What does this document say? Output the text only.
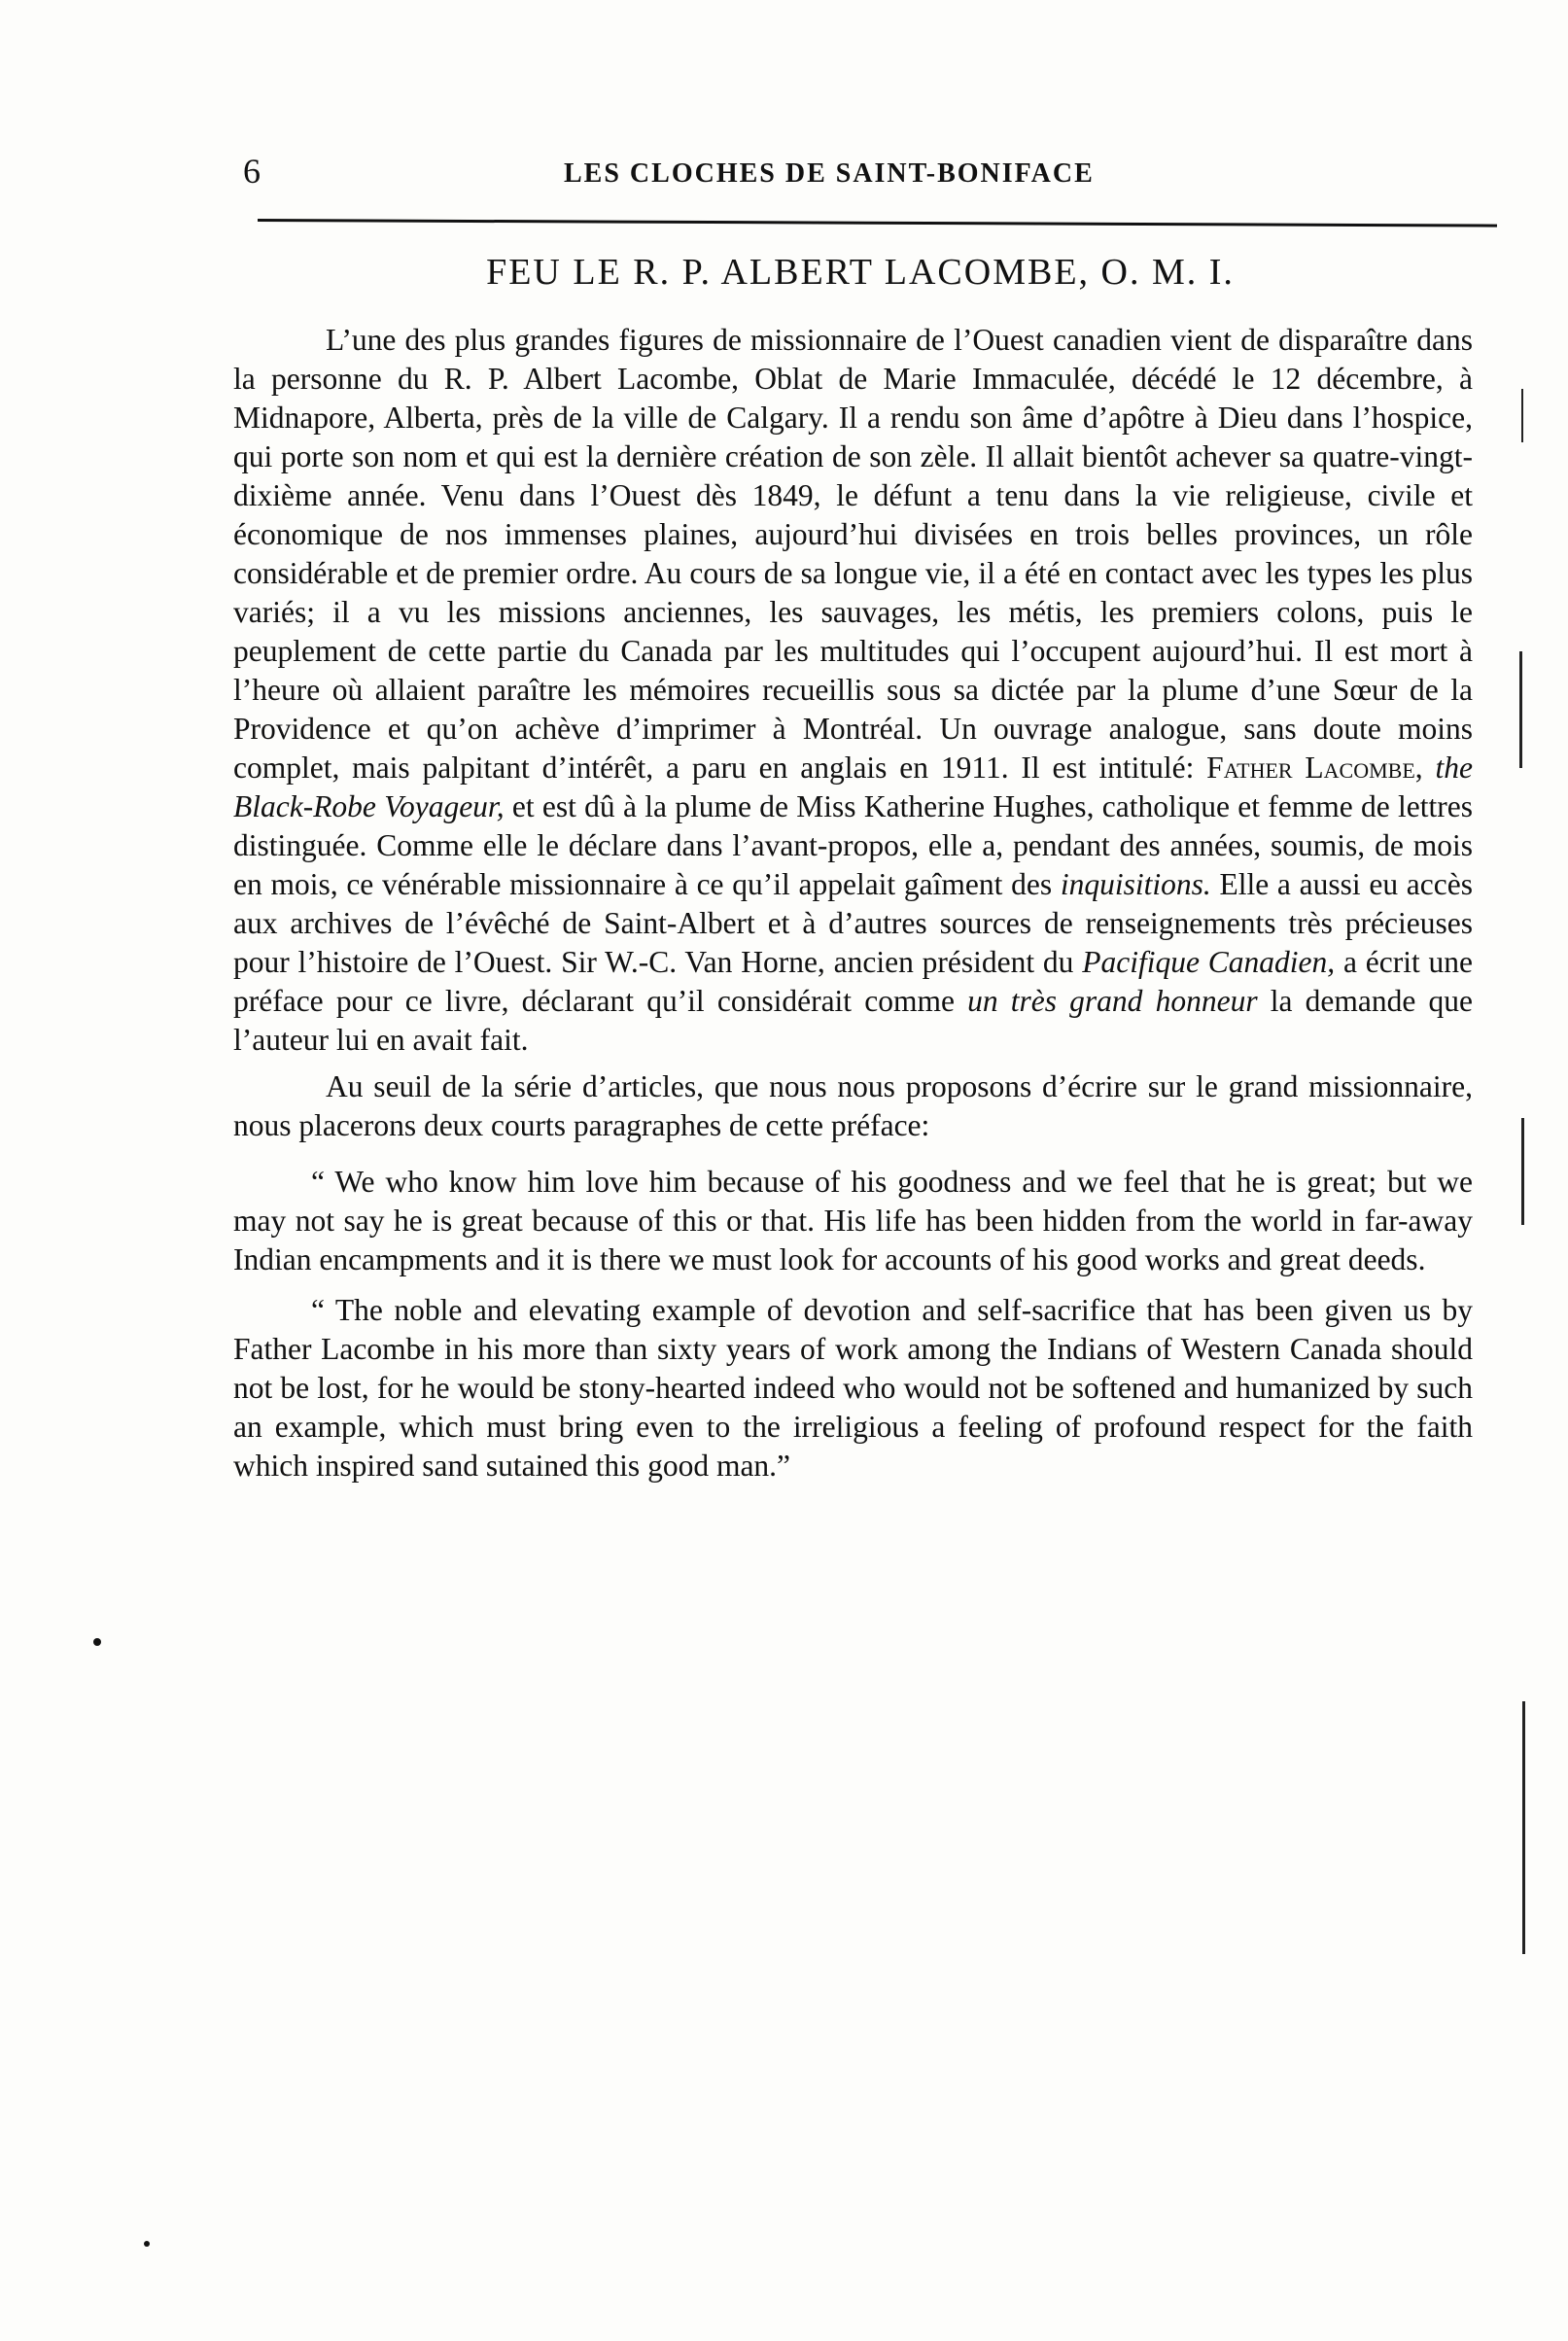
6	LES CLOCHES DE SAINT-BONIFACE
FEU LE R. P. ALBERT LACOMBE, O. M. I.

L’une des plus grandes figures de missionnaire de l’Ouest canadien vient de disparaître dans la personne du R. P. Albert Lacombe, Oblat de Marie Immaculée, décédé le 12 décembre, à Midnapore, Alberta, près de la ville de Calgary. Il a rendu son âme d’apôtre à Dieu dans l’hospice, qui porte son nom et qui est la dernière création de son zèle. Il allait bientôt achever sa quatre-vingt-dixième année. Venu dans l’Ouest dès 1849, le défunt a tenu dans la vie religieuse, civile et économique de nos immenses plaines, aujourd’hui divisées en trois belles provinces, un rôle considérable et de premier ordre. Au cours de sa longue vie, il a été en contact avec les types les plus variés; il a vu les missions anciennes, les sauvages, les métis, les premiers colons, puis le peuplement de cette partie du Canada par les multitudes qui l’occupent aujourd’hui. Il est mort à l’heure où allaient paraître les mémoires recueillis sous sa dictée par la plume d’une Sœur de la Providence et qu’on achève d’imprimer à Montréal. Un ouvrage analogue, sans doute moins complet, mais palpitant d’intérêt, a paru en anglais en 1911. Il est intitulé: Father Lacombe, the Black-Robe Voyageur, et est dû à la plume de Miss Katherine Hughes, catholique et femme de lettres distinguée. Comme elle le déclare dans l’avant-propos, elle a, pendant des années, soumis, de mois en mois, ce vénérable missionnaire à ce qu’il appelait gaîment des inquisitions. Elle a aussi eu accès aux archives de l’évêché de Saint-Albert et à d’autres sources de renseignements très précieuses pour l’histoire de l’Ouest. Sir W.-C. Van Horne, ancien président du Pacifique Canadien, a écrit une préface pour ce livre, déclarant qu’il considérait comme un très grand honneur la demande que l’auteur lui en avait fait.

Au seuil de la série d’articles, que nous nous proposons d’écrire sur le grand missionnaire, nous placerons deux courts paragraphes de cette préface:

“ We who know him love him because of his goodness and we feel that he is great; but we may not say he is great because of this or that. His life has been hidden from the world in far-away Indian encampments and it is there we must look for accounts of his good works and great deeds.

“ The noble and elevating example of devotion and self-sacrifice that has been given us by Father Lacombe in his more than sixty years of work among the Indians of Western Canada should not be lost, for he would be stony-hearted indeed who would not be softened and humanized by such an example, which must bring even to the irreligious a feeling of profound respect for the faith which inspired sand sutained this good man.”
